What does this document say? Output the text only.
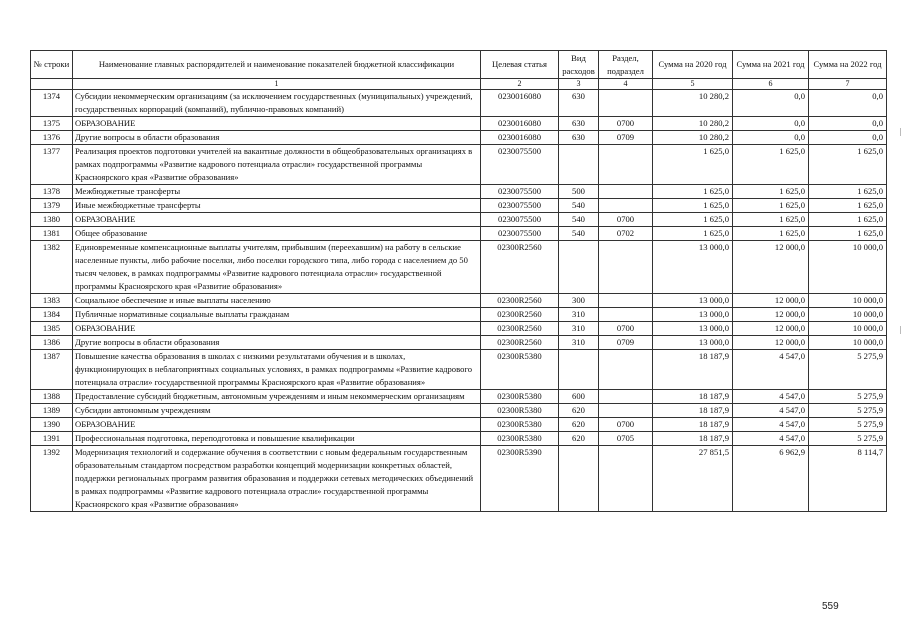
№ строки	Наименование главных распорядителей и наименование показателей бюджетной классификации	Целевая статья	Вид расходов	Раздел, подраздел	Сумма на 2020 год	Сумма на 2021 год	Сумма на 2022 год
	1	2	3	4	5	6	7
1374	Субсидии некоммерческим организациям (за исключением государственных (муниципальных) учреждений, государственных корпораций (компаний), публично-правовых компаний)	0230016080	630		10 280,2	0,0	0,0
1375	ОБРАЗОВАНИЕ	0230016080	630	0700	10 280,2	0,0	0,0
1376	Другие вопросы в области образования	0230016080	630	0709	10 280,2	0,0	0,0
1377	Реализация проектов подготовки учителей на вакантные должности в общеобразовательных организациях в рамках подпрограммы «Развитие кадрового потенциала отрасли» государственной программы Красноярского края «Развитие образования»	0230075500			1 625,0	1 625,0	1 625,0
1378	Межбюджетные трансферты	0230075500	500		1 625,0	1 625,0	1 625,0
1379	Иные межбюджетные трансферты	0230075500	540		1 625,0	1 625,0	1 625,0
1380	ОБРАЗОВАНИЕ	0230075500	540	0700	1 625,0	1 625,0	1 625,0
1381	Общее образование	0230075500	540	0702	1 625,0	1 625,0	1 625,0
1382	Единовременные компенсационные выплаты учителям, прибывшим (переехавшим) на работу в сельские населенные пункты, либо рабочие поселки, либо поселки городского типа, либо города с населением до 50 тысяч человек, в рамках подпрограммы «Развитие кадрового потенциала отрасли» государственной программы Красноярского края «Развитие образования»	02300R2560			13 000,0	12 000,0	10 000,0
1383	Социальное обеспечение и иные выплаты населению	02300R2560	300		13 000,0	12 000,0	10 000,0
1384	Публичные нормативные социальные выплаты гражданам	02300R2560	310		13 000,0	12 000,0	10 000,0
1385	ОБРАЗОВАНИЕ	02300R2560	310	0700	13 000,0	12 000,0	10 000,0
1386	Другие вопросы в области образования	02300R2560	310	0709	13 000,0	12 000,0	10 000,0
1387	Повышение качества образования в школах с низкими результатами обучения и в школах, функционирующих в неблагоприятных социальных условиях, в рамках подпрограммы «Развитие кадрового потенциала отрасли» государственной программы Красноярского края «Развитие образования»	02300R5380			18 187,9	4 547,0	5 275,9
1388	Предоставление субсидий бюджетным, автономным учреждениям и иным некоммерческим организациям	02300R5380	600		18 187,9	4 547,0	5 275,9
1389	Субсидии автономным учреждениям	02300R5380	620		18 187,9	4 547,0	5 275,9
1390	ОБРАЗОВАНИЕ	02300R5380	620	0700	18 187,9	4 547,0	5 275,9
1391	Профессиональная подготовка, переподготовка и повышение квалификации	02300R5380	620	0705	18 187,9	4 547,0	5 275,9
1392	Модернизация технологий и содержание обучения в соответствии с новым федеральным государственным образовательным стандартом посредством разработки концепций модернизации конкретных областей, поддержки региональных программ развития образования и поддержки сетевых методических объединений в рамках подпрограммы «Развитие кадрового потенциала отрасли» государственной программы Красноярского края «Развитие образования»	02300R5390			27 851,5	6 962,9	8 114,7
559
